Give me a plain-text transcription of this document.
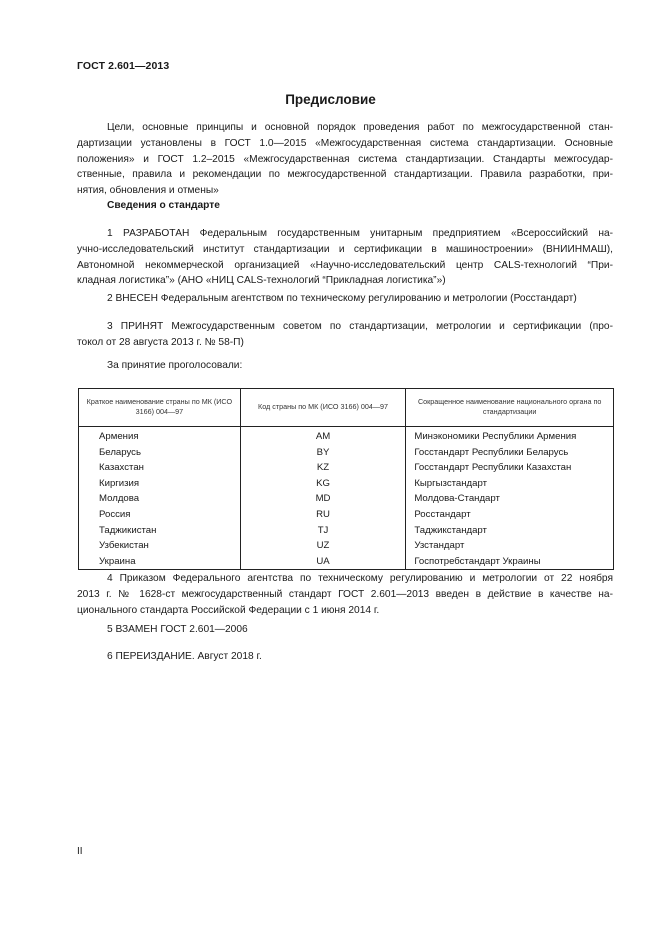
ГОСТ 2.601—2013
Предисловие
Цели, основные принципы и основной порядок проведения работ по межгосударственной стан-
дартизации установлены в ГОСТ 1.0—2015 «Межгосударственная система стандартизации. Основные
положения» и ГОСТ 1.2–2015 «Межгосударственная система стандартизации. Стандарты межгосудар-
ственные, правила и рекомендации по межгосударственной стандартизации. Правила разработки, при-
нятия, обновления и отмены»
Сведения о стандарте
1 РАЗРАБОТАН Федеральным государственным унитарным предприятием «Всероссийский на-
учно-исследовательский институт стандартизации и сертификации в машиностроении» (ВНИИНМАШ),
Автономной некоммерческой организацией «Научно-исследовательский центр CALS-технологий “При-
кладная логистика”» (АНО «НИЦ CALS-технологий “Прикладная логистика”»)
2 ВНЕСЕН Федеральным агентством по техническому регулированию и метрологии (Росстандарт)
3 ПРИНЯТ Межгосударственным советом по стандартизации, метрологии и сертификации (про-
токол от 28 августа 2013 г. № 58-П)
За принятие проголосовали:
Краткое наименование страны по МК (ИСО 3166) 004—97	Код страны по МК (ИСО 3166) 004—97	Сокращенное наименование национального органа по стандартизации
Армения	AM	Минэкономики Республики Армения
Беларусь	BY	Госстандарт Республики Беларусь
Казахстан	KZ	Госстандарт Республики Казахстан
Киргизия	KG	Кыргызстандарт
Молдова	MD	Молдова-Стандарт
Россия	RU	Росстандарт
Таджикистан	TJ	Таджикстандарт
Узбекистан	UZ	Узстандарт
Украина	UA	Госпотребстандарт Украины
4 Приказом Федерального агентства по техническому регулированию и метрологии от 22 ноября
2013 г. № 1628-ст межгосударственный стандарт ГОСТ 2.601—2013 введен в действие в качестве на-
ционального стандарта Российской Федерации с 1 июня 2014 г.
5 ВЗАМЕН ГОСТ 2.601—2006
6 ПЕРЕИЗДАНИЕ. Август 2018 г.
II
